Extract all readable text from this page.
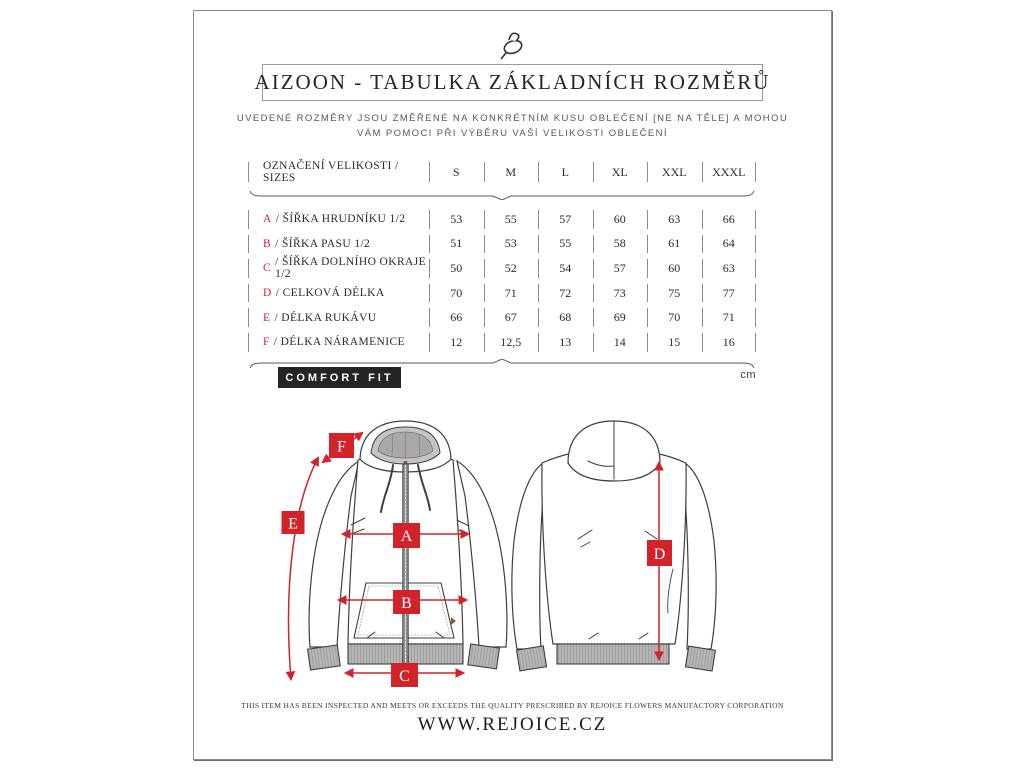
AIZOON - TABULKA ZÁKLADNÍCH ROZMĚRŮ
UVEDENÉ ROZMĚRY JSOU ZMĚŘENÉ NA KONKRÉTNÍM KUSU OBLEČENÍ [NE NA TĚLE] A MOHOU
VÁM POMOCI PŘI VÝBĚRU VAŠÍ VELIKOSTI OBLEČENÍ
OZNAČENÍ VELIKOSTI / SIZES	S	M	L	XL	XXL	XXXL
A / ŠÍŘKA HRUDNÍKU 1/2	53	55	57	60	63	66
B / ŠÍŘKA PASU 1/2	51	53	55	58	61	64
C / ŠÍŘKA DOLNÍHO OKRAJE 1/2	50	52	54	57	60	63
D / CELKOVÁ DÉLKA	70	71	72	73	75	77
E / DÉLKA RUKÁVU	66	67	68	69	70	71
F / DÉLKA NÁRAMENICE	12	12,5	13	14	15	16
COMFORT FIT	cm
A
B
C
D
E
F
THIS ITEM HAS BEEN INSPECTED AND MEETS OR EXCEEDS THE QUALITY PRESCRIBED BY REJOICE FLOWERS MANUFACTORY CORPORATION
WWW.REJOICE.CZ
